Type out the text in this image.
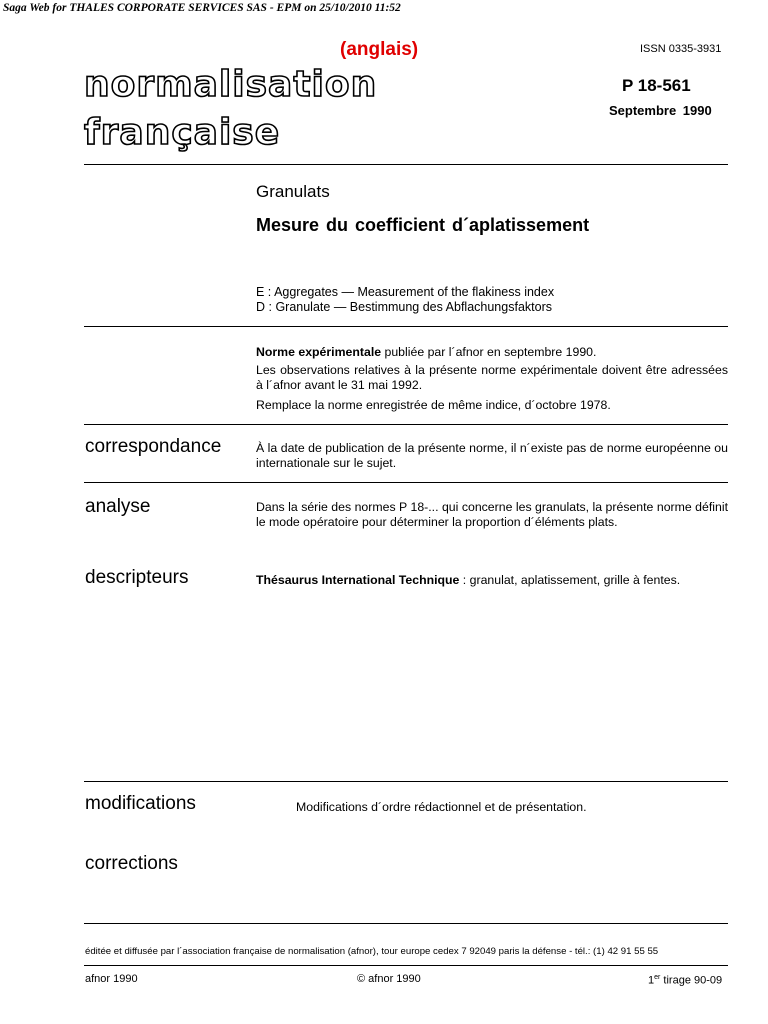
Saga Web for THALES CORPORATE SERVICES SAS - EPM on 25/10/2010 11:52
(anglais)	ISSN 0335-3931
normalisation
française
P 18-561
Septembre 1990
Granulats
Mesure du coefficient d´aplatissement
E : Aggregates — Measurement of the flakiness index
D : Granulate — Bestimmung des Abflachungsfaktors
Norme expérimentale publiée par l´afnor en septembre 1990.
Les observations relatives à la présente norme expérimentale doivent être adressées à l´afnor avant le 31 mai 1992.
Remplace la norme enregistrée de même indice, d´octobre 1978.
correspondance	À la date de publication de la présente norme, il n´existe pas de norme européenne ou internationale sur le sujet.
analyse	Dans la série des normes P 18-... qui concerne les granulats, la présente norme définit le mode opératoire pour déterminer la proportion d´éléments plats.
descripteurs	Thésaurus International Technique : granulat, aplatissement, grille à fentes.
modifications	Modifications d´ordre rédactionnel et de présentation.
corrections
éditée et diffusée par l´association française de normalisation (afnor), tour europe cedex 7 92049 paris la défense - tél.: (1) 42 91 55 55
afnor 1990	© afnor 1990	1er tirage 90-09
